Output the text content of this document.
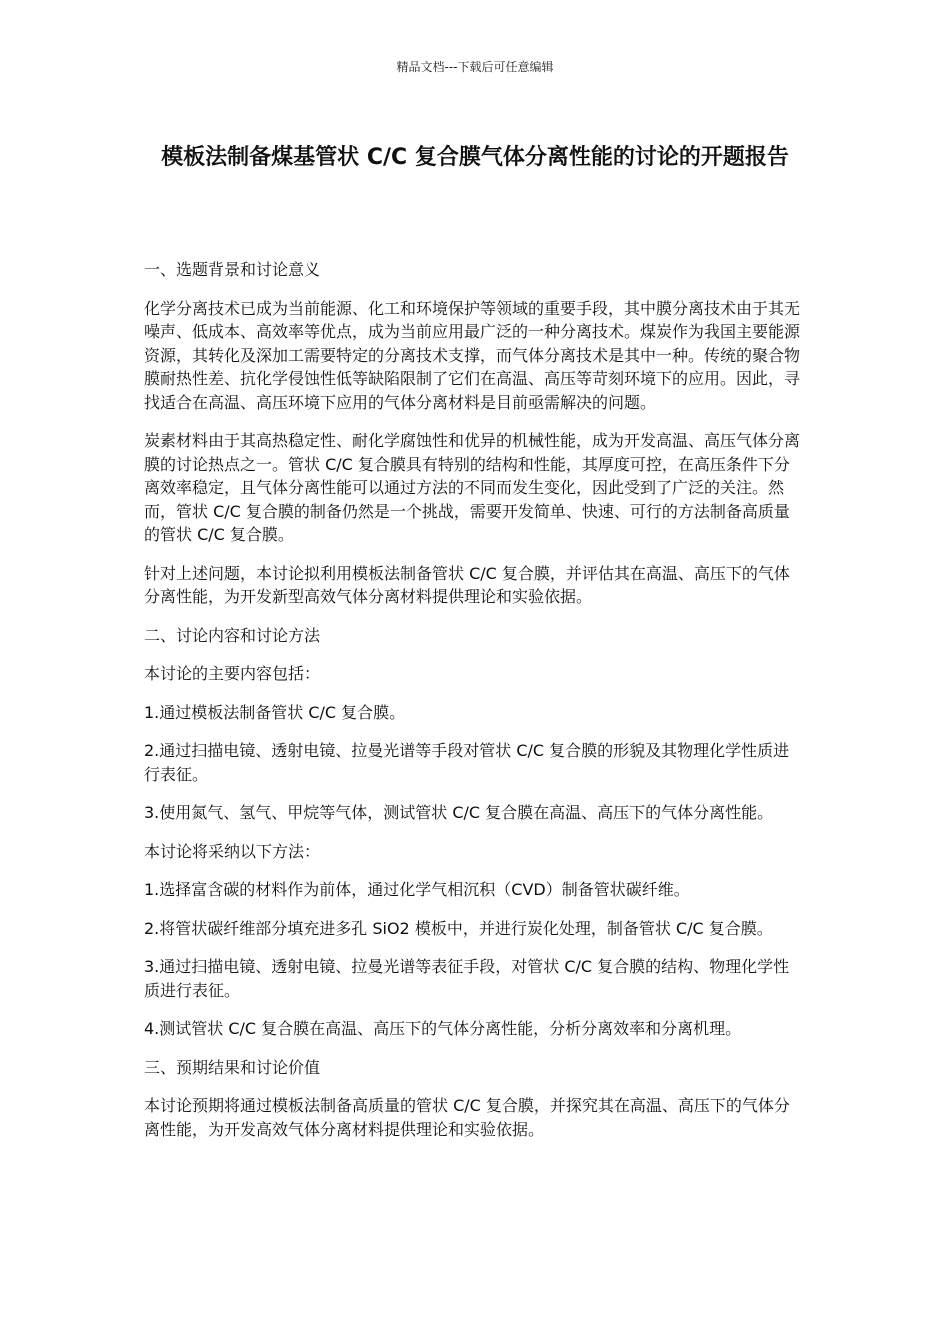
精品文档---下载后可任意编辑
模板法制备煤基管状 C/C 复合膜气体分离性能的讨论的开题报告

一、选题背景和讨论意义

化学分离技术已成为当前能源、化工和环境保护等领域的重要手段，其中膜分离技术由于其无噪声、低成本、高效率等优点，成为当前应用最广泛的一种分离技术。煤炭作为我国主要能源资源，其转化及深加工需要特定的分离技术支撑，而气体分离技术是其中一种。传统的聚合物膜耐热性差、抗化学侵蚀性低等缺陷限制了它们在高温、高压等苛刻环境下的应用。因此，寻找适合在高温、高压环境下应用的气体分离材料是目前亟需解决的问题。

炭素材料由于其高热稳定性、耐化学腐蚀性和优异的机械性能，成为开发高温、高压气体分离膜的讨论热点之一。管状 C/C 复合膜具有特别的结构和性能，其厚度可控，在高压条件下分离效率稳定，且气体分离性能可以通过方法的不同而发生变化，因此受到了广泛的关注。然而，管状 C/C 复合膜的制备仍然是一个挑战，需要开发简单、快速、可行的方法制备高质量的管状 C/C 复合膜。

针对上述问题，本讨论拟利用模板法制备管状 C/C 复合膜，并评估其在高温、高压下的气体分离性能，为开发新型高效气体分离材料提供理论和实验依据。

二、讨论内容和讨论方法

本讨论的主要内容包括：

1.通过模板法制备管状 C/C 复合膜。

2.通过扫描电镜、透射电镜、拉曼光谱等手段对管状 C/C 复合膜的形貌及其物理化学性质进行表征。

3.使用氮气、氢气、甲烷等气体，测试管状 C/C 复合膜在高温、高压下的气体分离性能。

本讨论将采纳以下方法：

1.选择富含碳的材料作为前体，通过化学气相沉积（CVD）制备管状碳纤维。

2.将管状碳纤维部分填充进多孔 SiO2 模板中，并进行炭化处理，制备管状 C/C 复合膜。

3.通过扫描电镜、透射电镜、拉曼光谱等表征手段，对管状 C/C 复合膜的结构、物理化学性质进行表征。

4.测试管状 C/C 复合膜在高温、高压下的气体分离性能，分析分离效率和分离机理。

三、预期结果和讨论价值

本讨论预期将通过模板法制备高质量的管状 C/C 复合膜，并探究其在高温、高压下的气体分离性能，为开发高效气体分离材料提供理论和实验依据。
